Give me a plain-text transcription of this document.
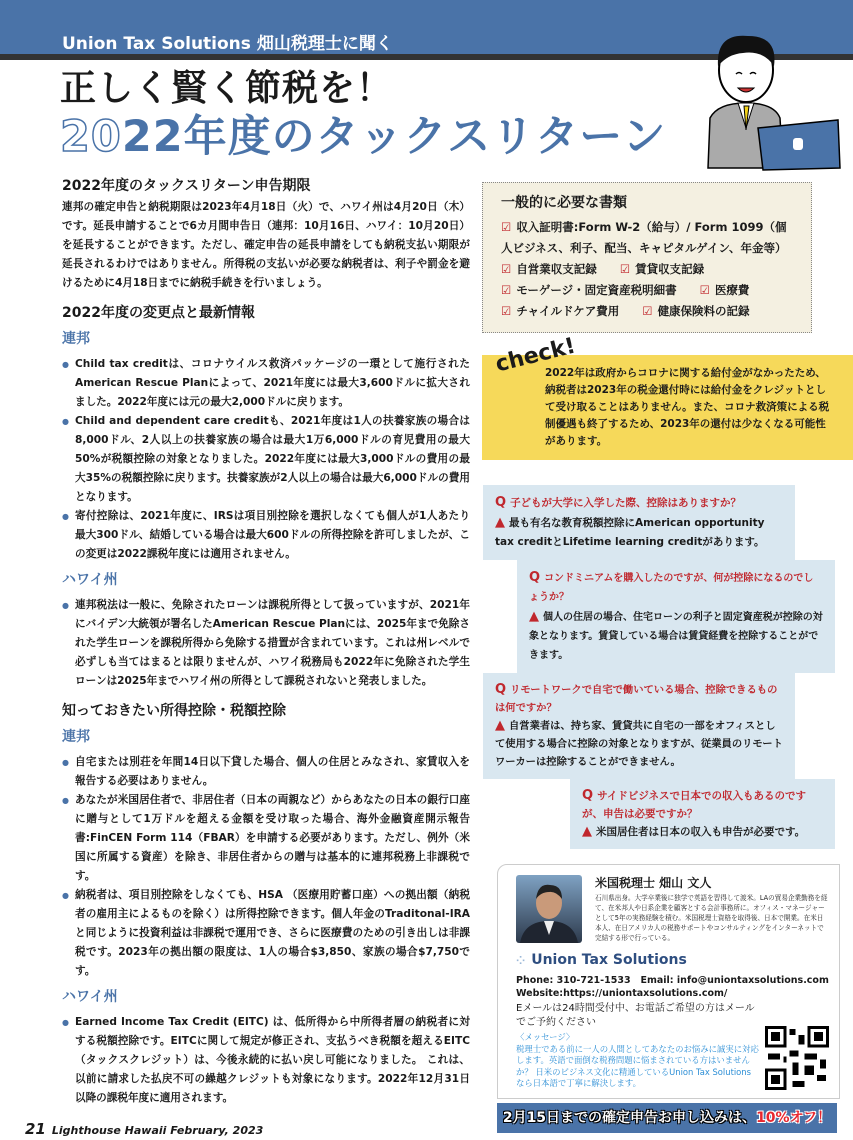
Union Tax Solutions 畑山税理士に聞く
正しく賢く節税を！
2022年度のタックスリターン
2022年度のタックスリターン申告期限
連邦の確定申告と納税期限は2023年4月18日（火）で、ハワイ州は4月20日（木）です。延長申請することで6カ月間申告日（連邦：10月16日、ハワイ：10月20日）を延長することができます。ただし、確定申告の延長申請をしても納税支払い期限が延長されるわけではありません。所得税の支払いが必要な納税者は、利子や罰金を避けるために4月18日までに納税手続きを行いましょう。
2022年度の変更点と最新情報
連邦
● Child tax creditは、コロナウイルス救済パッケージの一環として施行されたAmerican Rescue Planによって、2021年度には最大3,600ドルに拡大されました。2022年度には元の最大2,000ドルに戻ります。
● Child and dependent care creditも、2021年度は1人の扶養家族の場合は8,000ドル、2人以上の扶養家族の場合は最大1万6,000ドルの育児費用の最大50%が税額控除の対象となりました。2022年度には最大3,000ドルの費用の最大35%の税額控除に戻ります。扶養家族が2人以上の場合は最大6,000ドルの費用となります。
● 寄付控除は、2021年度に、IRSは項目別控除を選択しなくても個人が1人あたり最大300ドル、結婚している場合は最大600ドルの所得控除を許可しましたが、この変更は2022課税年度には適用されません。
ハワイ州
● 連邦税法は一般に、免除されたローンは課税所得として扱っていますが、2021年にバイデン大統領が署名したAmerican Rescue Planには、2025年まで免除された学生ローンを課税所得から免除する措置が含まれています。これは州レベルで必ずしも当てはまるとは限りませんが、ハワイ税務局も2022年に免除された学生ローンは2025年までハワイ州の所得として課税されないと発表しました。
知っておきたい所得控除・税額控除
連邦
● 自宅または別荘を年間14日以下貸した場合、個人の住居とみなされ、家賃収入を報告する必要はありません。
● あなたが米国居住者で、非居住者（日本の両親など）からあなたの日本の銀行口座に贈与として1万ドルを超える金額を受け取った場合、海外金融資産開示報告書:FinCEN Form 114（FBAR）を申請する必要があります。ただし、例外（米国に所属する資産）を除き、非居住者からの贈与は基本的に連邦税務上非課税です。
● 納税者は、項目別控除をしなくても、HSA （医療用貯蓄口座）への拠出額（納税者の雇用主によるものを除く）は所得控除できます。個人年金のTraditonal-IRAと同じように投資利益は非課税で運用でき、さらに医療費のための引き出しは非課税です。2023年の拠出額の限度は、1人の場合$3,850、家族の場合$7,750です。
ハワイ州
● Earned Income Tax Credit (EITC) は、低所得から中所得者層の納税者に対する税額控除です。EITCに関して規定が修正され、支払うべき税額を超えるEITC（タックスクレジット）は、今後永続的に払い戻し可能になりました。 これは、以前に請求した払戻不可の繰越クレジットも対象になります。2022年12月31日以降の課税年度に適用されます。
21 Lighthouse Hawaii February, 2023
一般的に必要な書類
☑ 収入証明書:Form W-2（給与）/ Form 1099（個人ビジネス、利子、配当、キャピタルゲイン、年金等）
☑ 自営業収支記録　　 ☑ 賃貸収支記録
☑ モーゲージ・固定資産税明細書　　 ☑ 医療費
☑ チャイルドケア費用　　 ☑ 健康保険料の記録
check!
2022年は政府からコロナに関する給付金がなかったため、納税者は2023年の税金還付時には給付金をクレジットとして受け取ることはありません。また、コロナ救済策による税制優遇も終了するため、2023年の還付は少なくなる可能性があります。
Q 子どもが大学に入学した際、控除はありますか？
▲ 最も有名な教育税額控除にAmerican opportunity tax creditとLifetime learning creditがあります。
Q コンドミニアムを購入したのですが、何が控除になるのでしょうか？
▲ 個人の住居の場合、住宅ローンの利子と固定資産税が控除の対象となります。賃貸している場合は賃貸経費を控除することができます。
Q リモートワークで自宅で働いている場合、控除できるものは何ですか？
▲ 自営業者は、持ち家、賃貸共に自宅の一部をオフィスとして使用する場合に控除の対象となりますが、従業員のリモートワーカーは控除することができません。
Q サイドビジネスで日本での収入もあるのですが、申告は必要ですか？
▲ 米国居住者は日本の収入も申告が必要です。
米国税理士 畑山 文人
石川県出身。大学卒業後に独学で英語を習得して渡米。LAの貿易企業勤務を経て、在米邦人や日系企業を顧客とする会計事務所に。オフィス・マネージャーとして5年の実務経験を積む。米国税理士資格を取得後、日本で開業。在米日本人、在日アメリカ人の税務サポートやコンサルティングをインターネットで完結する形で行っている。
⁘ Union Tax Solutions
Phone: 310-721-1533 Email: info@uniontaxsolutions.com
Website:https://uniontaxsolutions.com/
Eメールは24時間受付中、お電話ご希望の方はメールでご予約ください
〈メッセージ〉
税理士である前に一人の人間としてあなたのお悩みに誠実に対応します。英語で面倒な税務問題に悩まされている方はいませんか？ 日米のビジネス文化に精通しているUnion Tax Solutionsなら日本語で丁寧に解決します。
2月15日までの確定申告お申し込みは、10%オフ！
